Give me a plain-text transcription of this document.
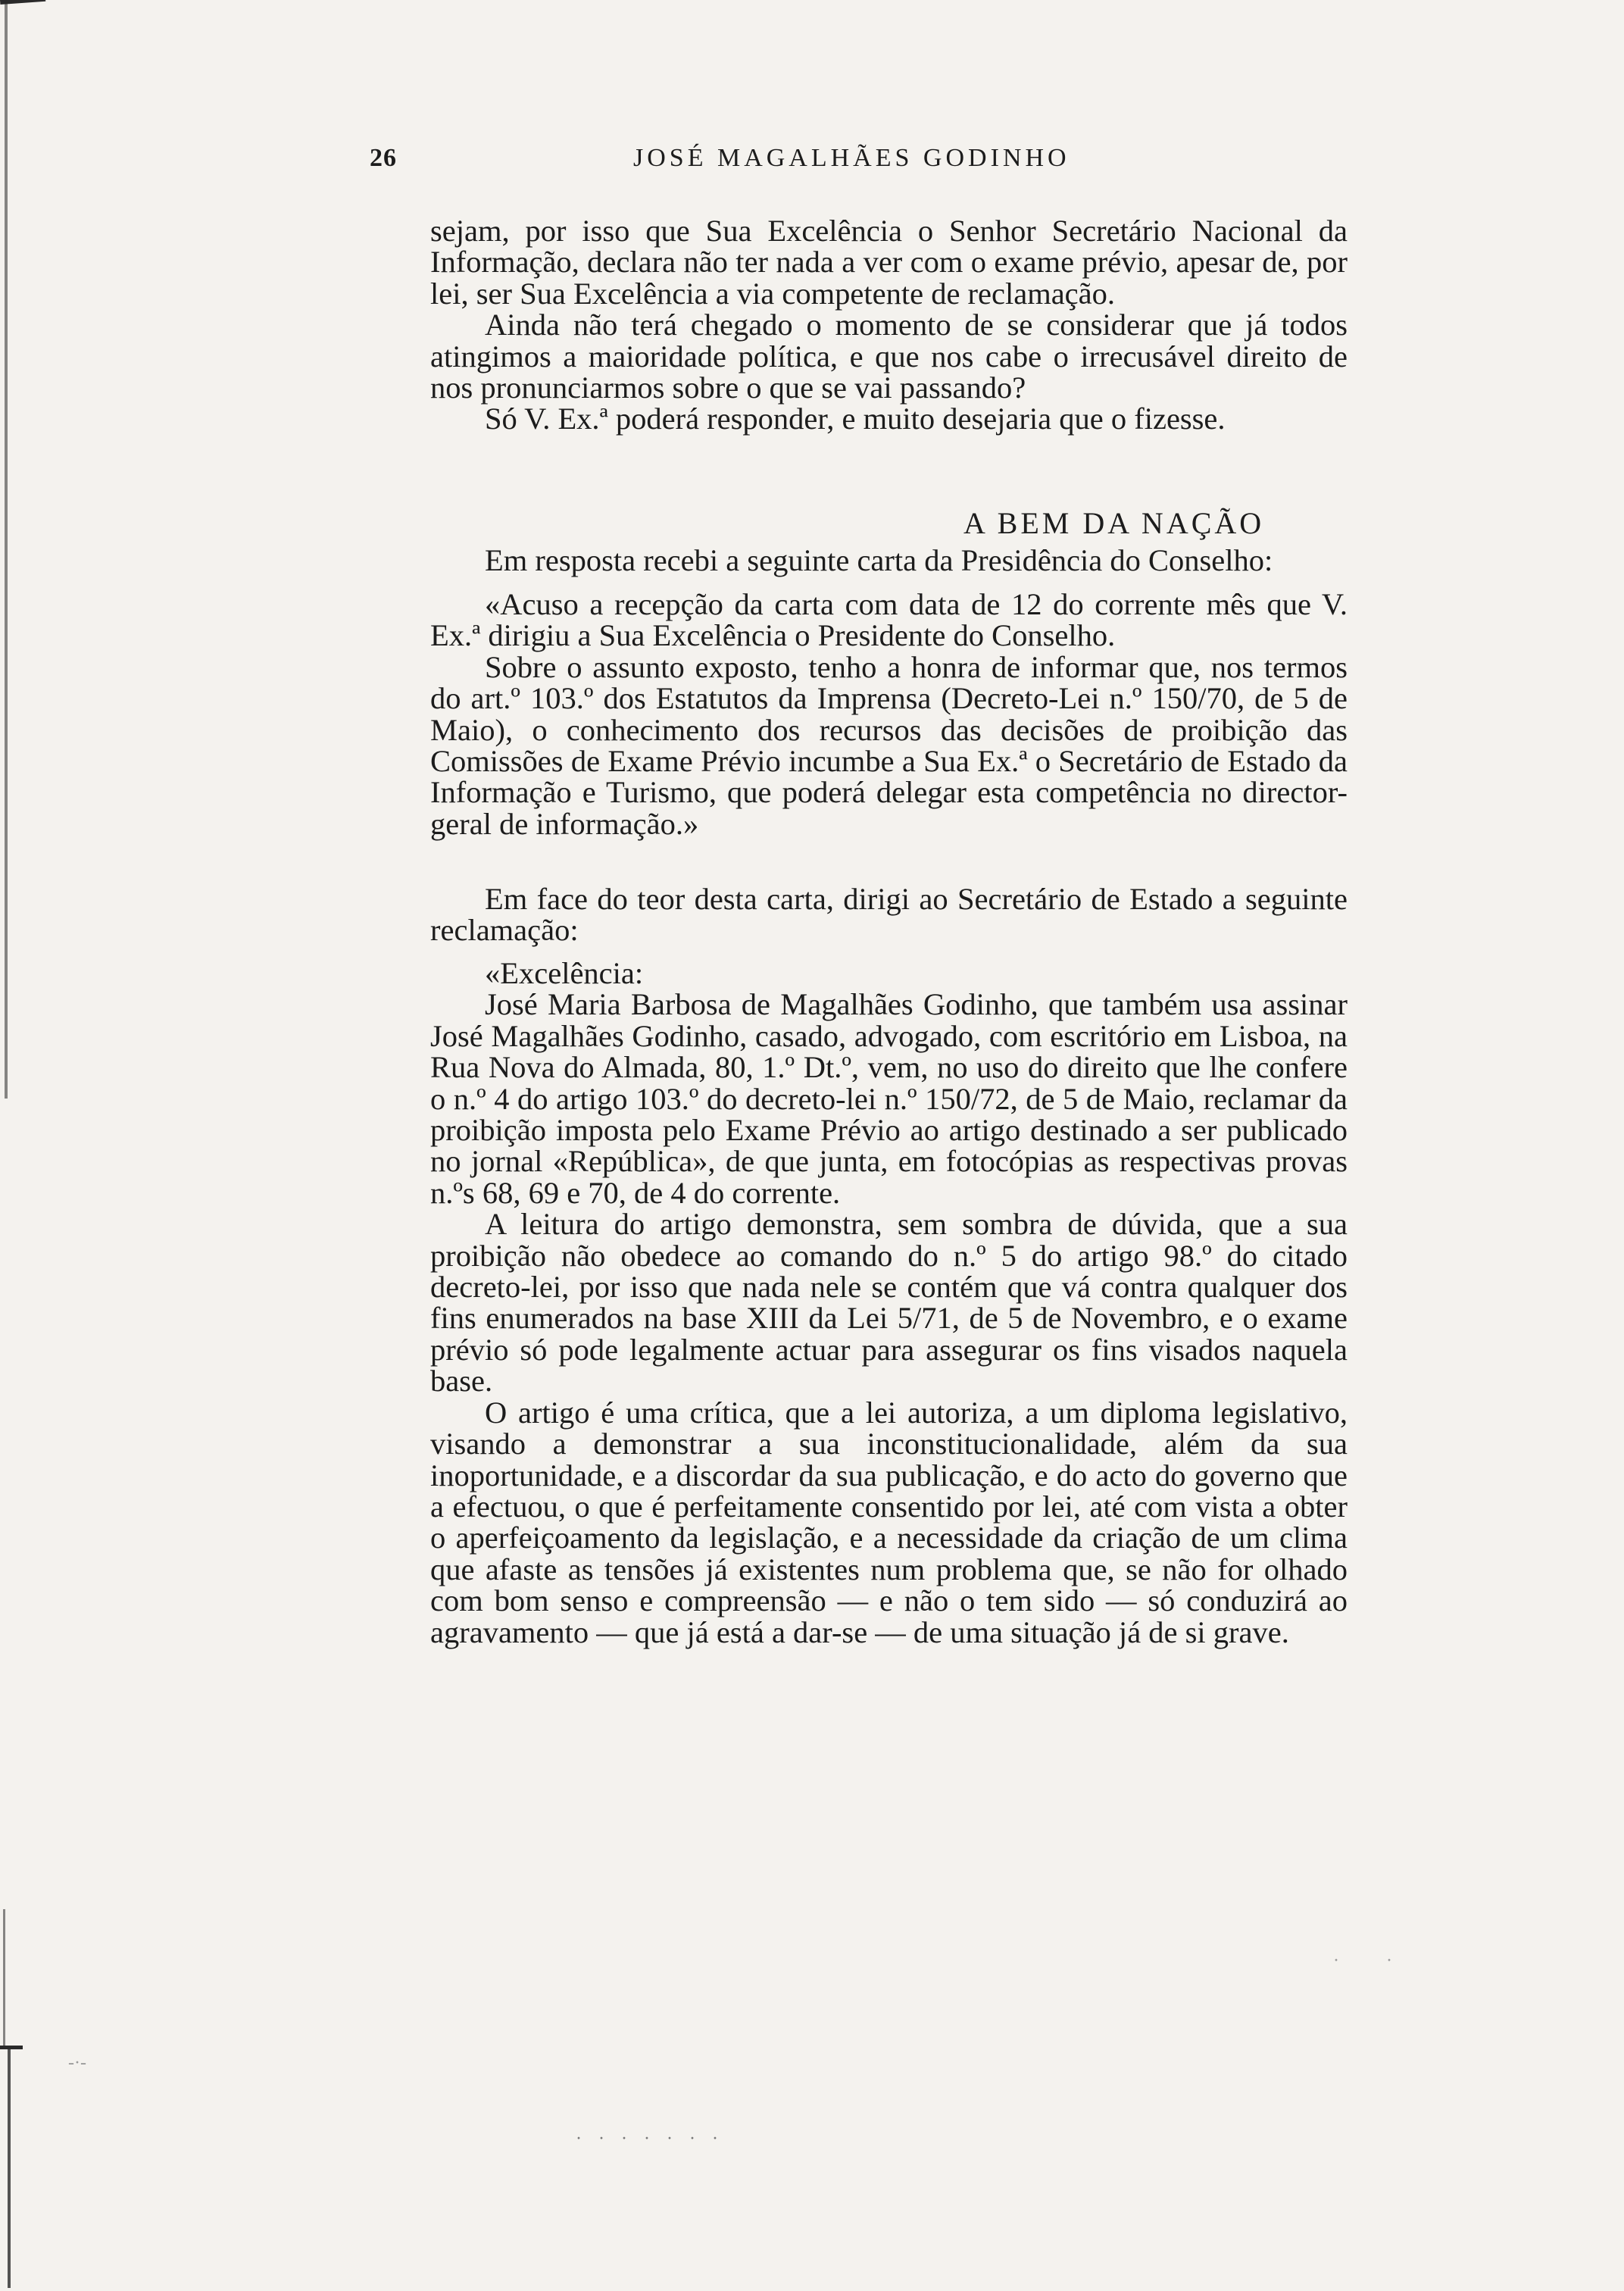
26	JOSÉ MAGALHÃES GODINHO

sejam, por isso que Sua Excelência o Senhor Secretário Nacional da Informação, declara não ter nada a ver com o exame prévio, apesar de, por lei, ser Sua Excelência a via competente de reclamação.

Ainda não terá chegado o momento de se considerar que já todos atingimos a maioridade política, e que nos cabe o irrecusável direito de nos pronunciarmos sobre o que se vai passando?

Só V. Ex.ª poderá responder, e muito desejaria que o fizesse.

A BEM DA NAÇÃO

Em resposta recebi a seguinte carta da Presidência do Conselho:

«Acuso a recepção da carta com data de 12 do corrente mês que V. Ex.ª dirigiu a Sua Excelência o Presidente do Conselho.

Sobre o assunto exposto, tenho a honra de informar que, nos termos do art.º 103.º dos Estatutos da Imprensa (Decreto-Lei n.º 150/70, de 5 de Maio), o conhecimento dos recursos das decisões de proibição das Comissões de Exame Prévio incumbe a Sua Ex.ª o Secretário de Estado da Informação e Turismo, que poderá delegar esta competência no director-geral de informação.»

Em face do teor desta carta, dirigi ao Secretário de Estado a seguinte reclamação:

«Excelência:

José Maria Barbosa de Magalhães Godinho, que também usa assinar José Magalhães Godinho, casado, advogado, com escritório em Lisboa, na Rua Nova do Almada, 80, 1.º Dt.º, vem, no uso do direito que lhe confere o n.º 4 do artigo 103.º do decreto-lei n.º 150/72, de 5 de Maio, reclamar da proibição imposta pelo Exame Prévio ao artigo destinado a ser publicado no jornal «República», de que junta, em fotocópias as respectivas provas n.ºs 68, 69 e 70, de 4 do corrente.

A leitura do artigo demonstra, sem sombra de dúvida, que a sua proibição não obedece ao comando do n.º 5 do artigo 98.º do citado decreto-lei, por isso que nada nele se contém que vá contra qualquer dos fins enumerados na base XIII da Lei 5/71, de 5 de Novembro, e o exame prévio só pode legalmente actuar para assegurar os fins visados naquela base.

O artigo é uma crítica, que a lei autoriza, a um diploma legislativo, visando a demonstrar a sua inconstitucionalidade, além da sua inoportunidade, e a discordar da sua publicação, e do acto do governo que a efectuou, o que é perfeitamente consentido por lei, até com vista a obter o aperfeiçoamento da legislação, e a necessidade da criação de um clima que afaste as tensões já existentes num problema que, se não for olhado com bom senso e compreensão — e não o tem sido — só conduzirá ao agravamento — que já está a dar-se — de uma situação já de si grave.

· · · · · · ·
·	·
-·-
